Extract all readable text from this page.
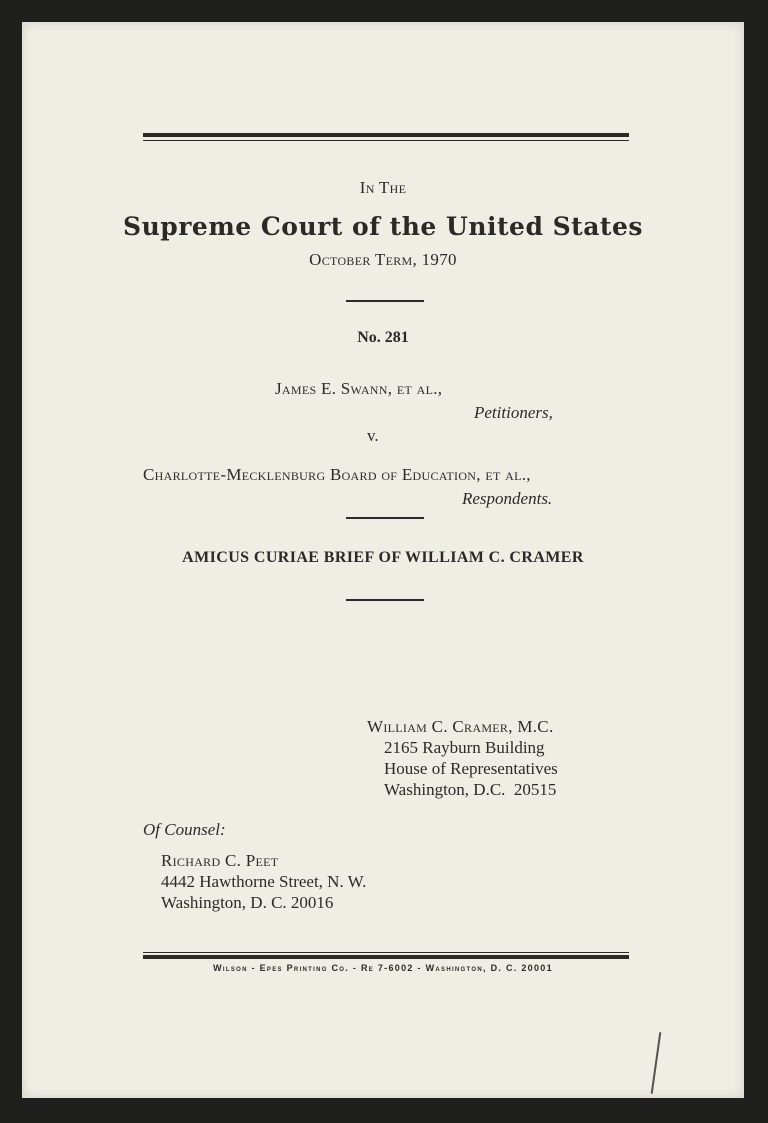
In The
Supreme Court of the United States
October Term, 1970
No. 281
James E. Swann, et al.,
Petitioners,
v.
Charlotte-Mecklenburg Board of Education, et al.,
Respondents.
AMICUS CURIAE BRIEF OF WILLIAM C. CRAMER
William C. Cramer, M.C.
2165 Rayburn Building
House of Representatives
Washington, D.C.  20515
Of Counsel:
Richard C. Peet
4442 Hawthorne Street, N. W.
Washington, D. C. 20016
Wilson - Epes Printing Co. - Re 7-6002 - Washington, D. C. 20001
